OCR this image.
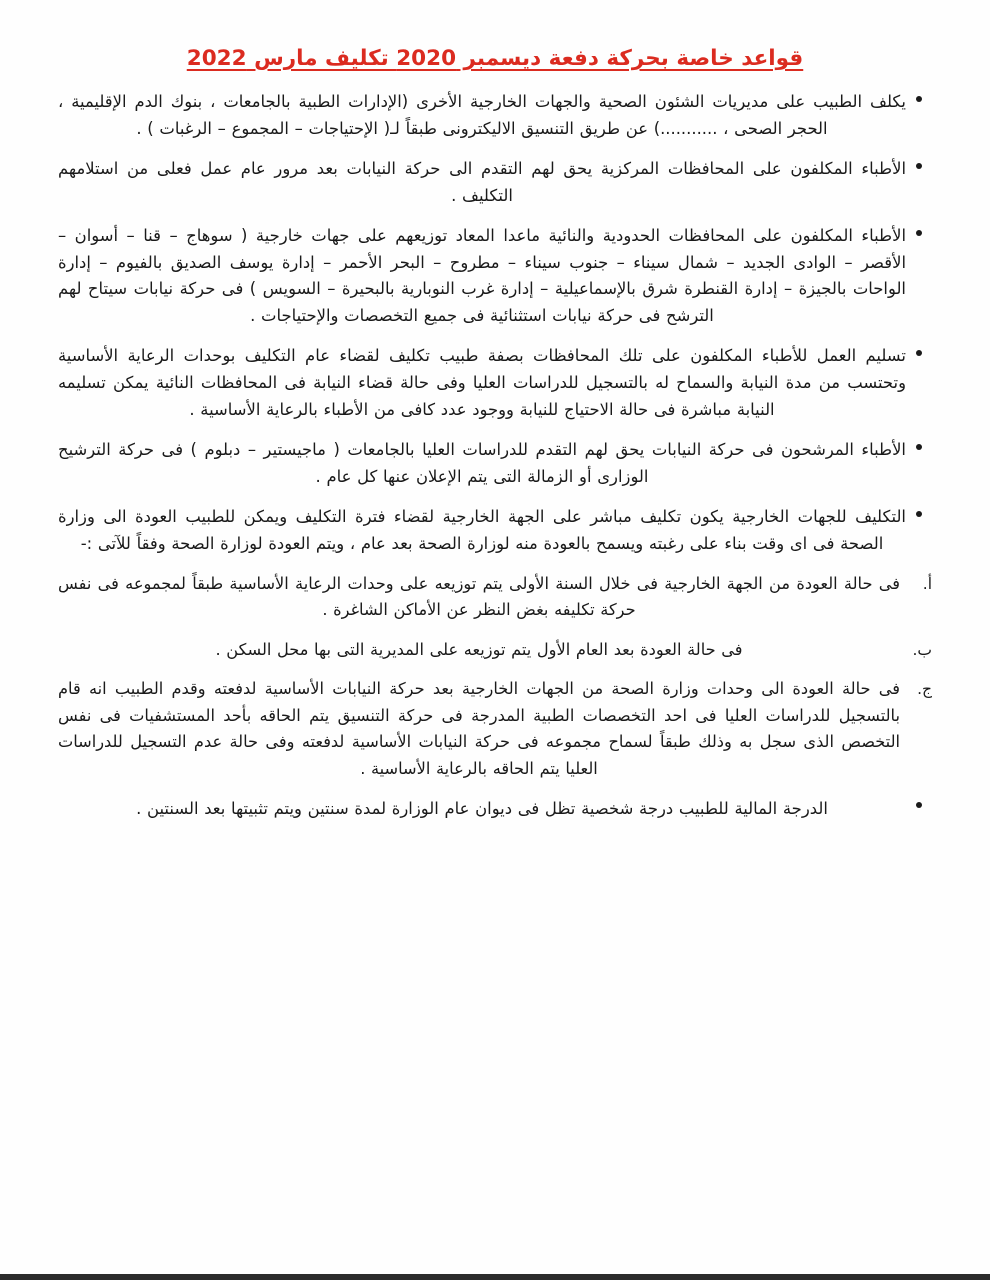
قواعد خاصة بحركة دفعة ديسمبر 2020 تكليف مارس 2022
يكلف الطبيب على مديريات الشئون الصحية والجهات الخارجية الأخرى (الإدارات الطبية بالجامعات ، بنوك الدم الإقليمية ، الحجر الصحى ، ...........) عن طريق التنسيق الاليكترونى طبقاً لـ( الإحتياجات – المجموع – الرغبات ) .
الأطباء المكلفون على المحافظات المركزية يحق لهم التقدم الى حركة النيابات بعد مرور عام عمل فعلى من استلامهم التكليف .
الأطباء المكلفون على المحافظات الحدودية والنائية ماعدا المعاد توزيعهم على جهات خارجية ( سوهاج – قنا – أسوان – الأقصر – الوادى الجديد – شمال سيناء – جنوب سيناء – مطروح – البحر الأحمر – إدارة يوسف الصديق بالفيوم – إدارة الواحات بالجيزة – إدارة القنطرة شرق بالإسماعيلية – إدارة غرب النوبارية بالبحيرة – السويس ) فى حركة نيابات سيتاح لهم الترشح فى حركة نيابات استثنائية فى جميع التخصصات والإحتياجات .
تسليم العمل للأطباء المكلفون على تلك المحافظات بصفة طبيب تكليف لقضاء عام التكليف بوحدات الرعاية الأساسية وتحتسب من مدة النيابة والسماح له بالتسجيل للدراسات العليا وفى حالة قضاء النيابة فى المحافظات النائية يمكن تسليمه النيابة مباشرة فى حالة الاحتياج للنيابة ووجود عدد كافى من الأطباء بالرعاية الأساسية .
الأطباء المرشحون فى حركة النيابات يحق لهم التقدم للدراسات العليا بالجامعات ( ماجيستير – دبلوم ) فى حركة الترشيح الوزارى أو الزمالة التى يتم الإعلان عنها كل عام .
التكليف للجهات الخارجية يكون تكليف مباشر على الجهة الخارجية لقضاء فترة التكليف ويمكن للطبيب العودة الى وزارة الصحة فى اى وقت بناء على رغبته ويسمح بالعودة منه لوزارة الصحة بعد عام ، ويتم العودة لوزارة الصحة وفقاً للآتى :-
أ.
فى حالة العودة من الجهة الخارجية فى خلال السنة الأولى يتم توزيعه على وحدات الرعاية الأساسية طبقاً لمجموعه فى نفس حركة تكليفه بغض النظر عن الأماكن الشاغرة .
ب.
فى حالة العودة بعد العام الأول يتم توزيعه على المديرية التى بها محل السكن .
ج.
فى حالة العودة الى وحدات وزارة الصحة من الجهات الخارجية بعد حركة النيابات الأساسية لدفعته وقدم الطبيب انه قام بالتسجيل للدراسات العليا فى احد التخصصات الطبية المدرجة فى حركة التنسيق يتم الحاقه بأحد المستشفيات فى نفس التخصص الذى سجل به وذلك طبقاً لسماح مجموعه فى حركة النيابات الأساسية لدفعته وفى حالة عدم التسجيل للدراسات العليا يتم الحاقه بالرعاية الأساسية .
الدرجة المالية للطبيب درجة شخصية تظل فى ديوان عام الوزارة لمدة سنتين ويتم تثبيتها بعد السنتين .
